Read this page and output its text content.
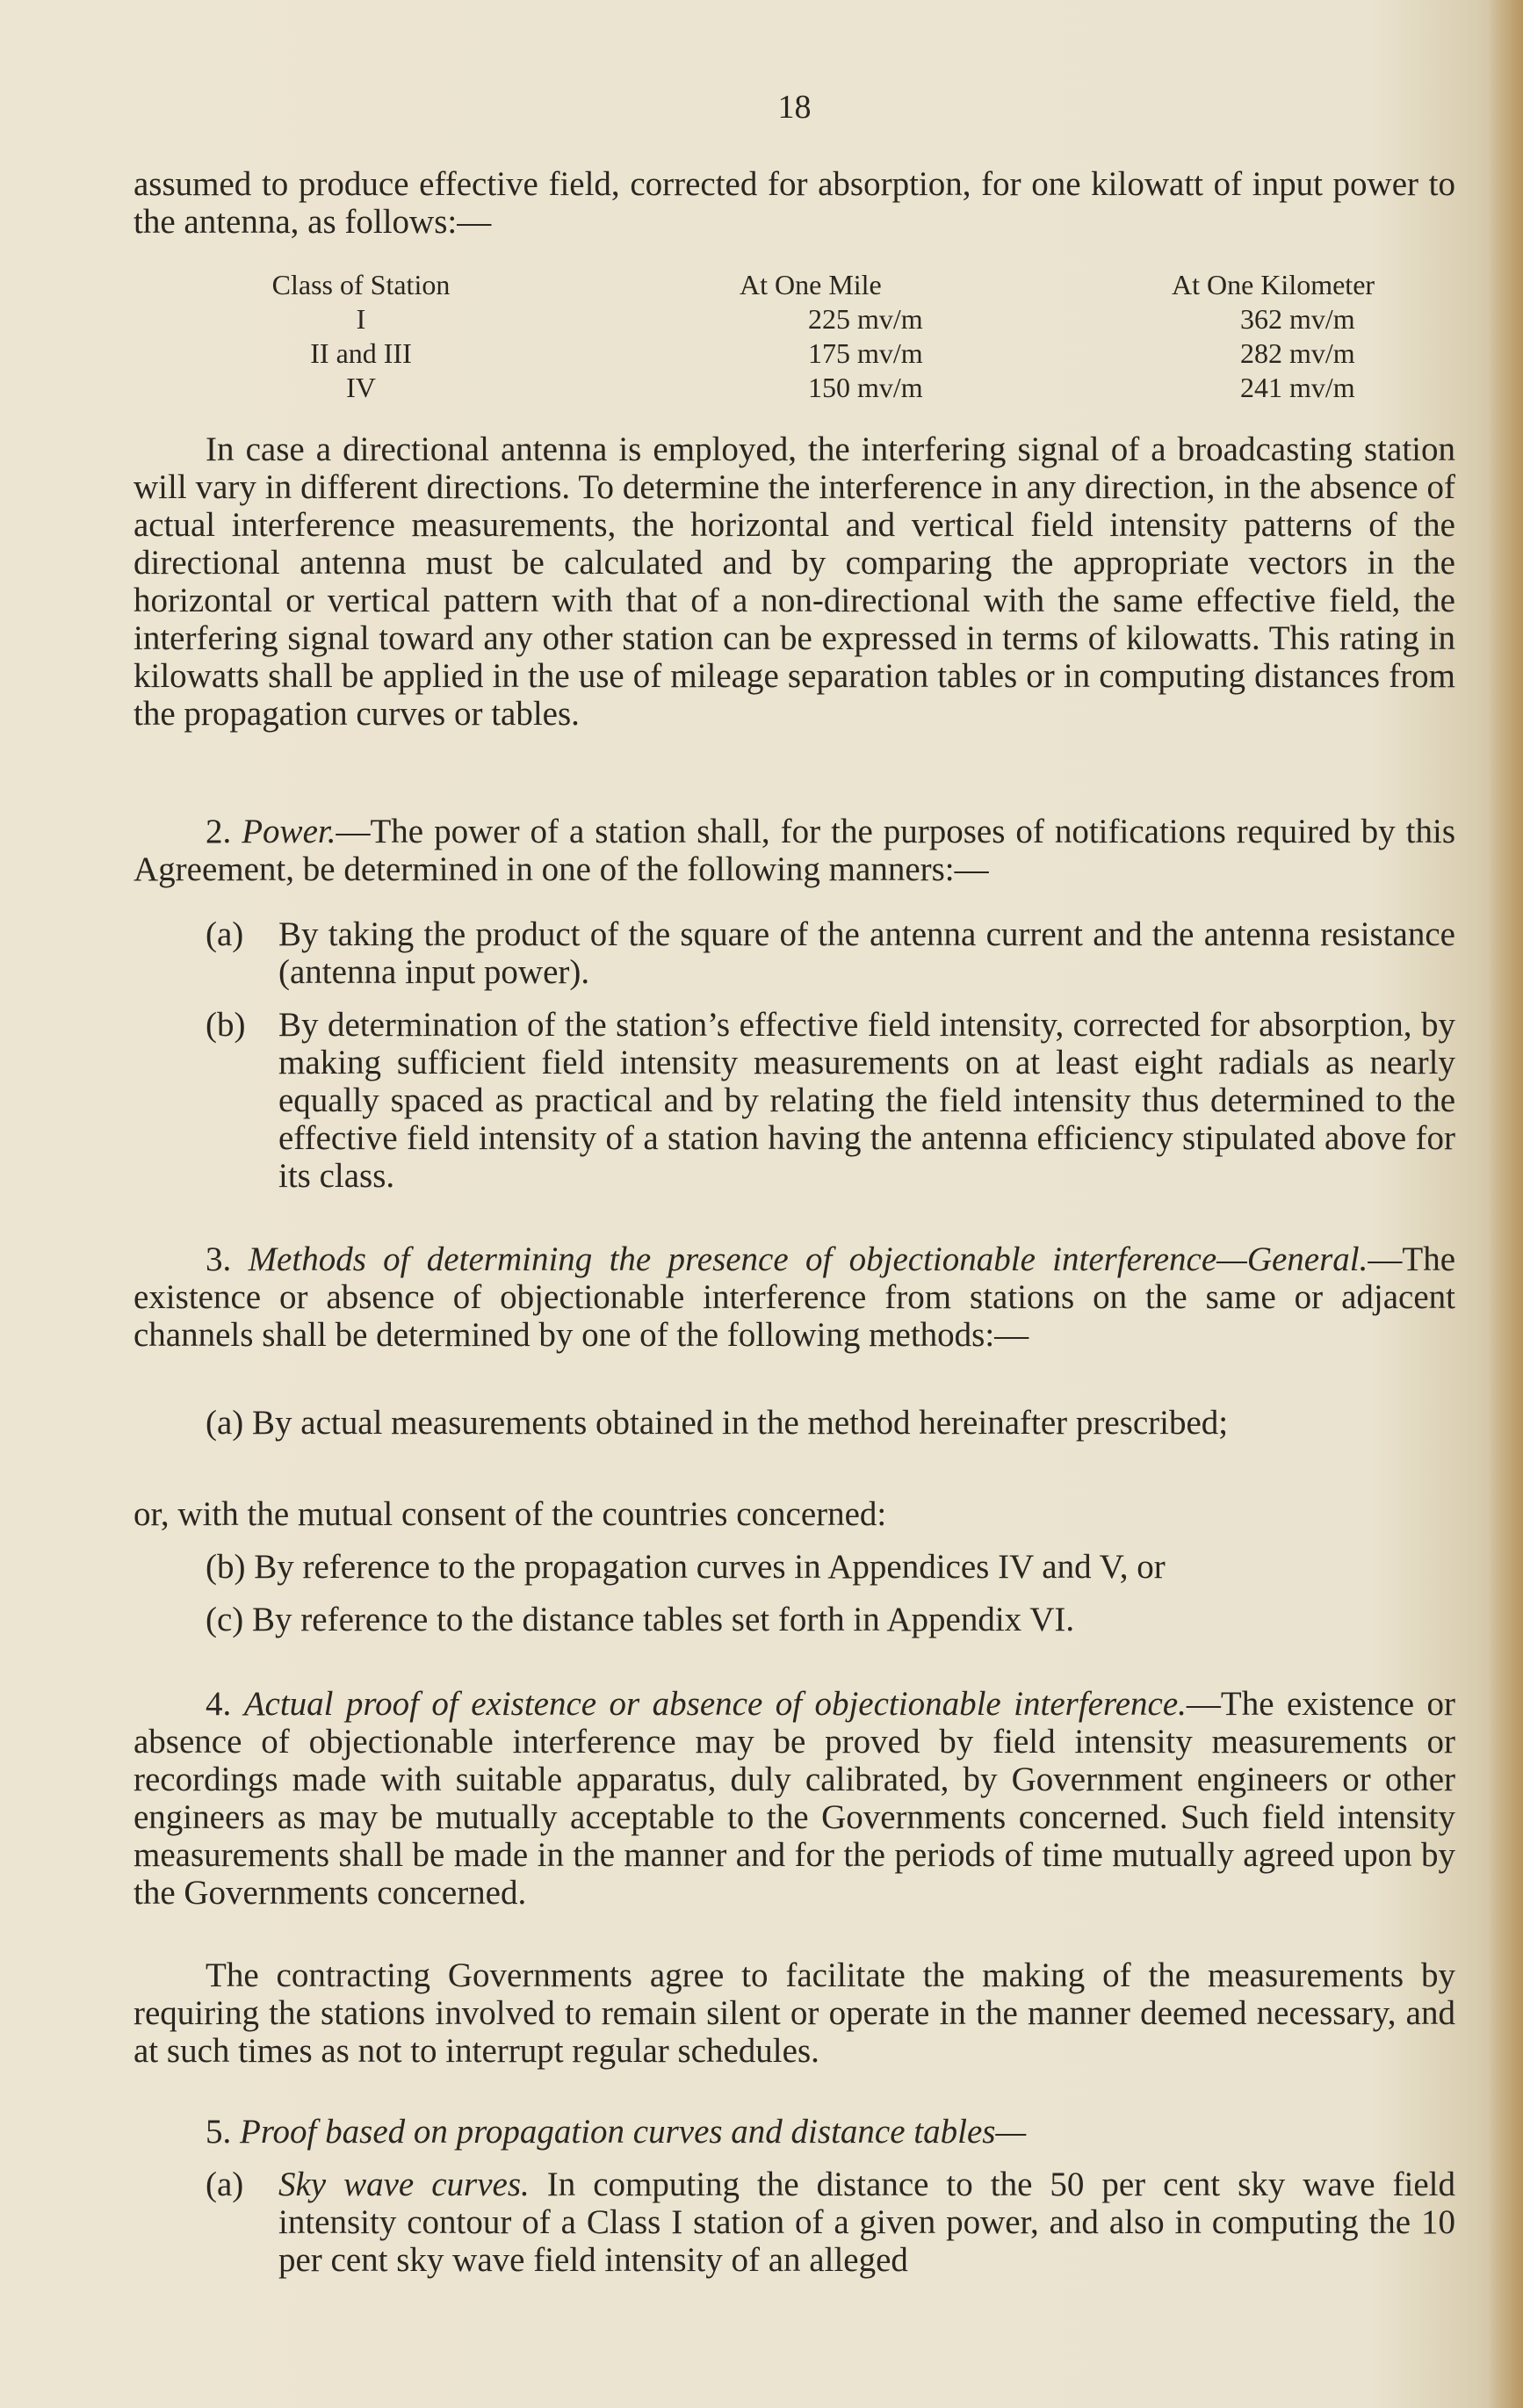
18

assumed to produce effective field, corrected for absorption, for one kilowatt of input power to the antenna, as follows:—

Class of Station	At One Mile	At One Kilometer
I	225 mv/m	362 mv/m
II and III	175 mv/m	282 mv/m
IV	150 mv/m	241 mv/m

In case a directional antenna is employed, the interfering signal of a broadcasting station will vary in different directions. To determine the interference in any direction, in the absence of actual interference measurements, the horizontal and vertical field intensity patterns of the directional antenna must be calculated and by comparing the appropriate vectors in the horizontal or vertical pattern with that of a non-directional with the same effective field, the interfering signal toward any other station can be expressed in terms of kilowatts. This rating in kilowatts shall be applied in the use of mileage separation tables or in computing distances from the propagation curves or tables.

2. Power.—The power of a station shall, for the purposes of notifications required by this Agreement, be determined in one of the following manners:—

(a) By taking the product of the square of the antenna current and the antenna resistance (antenna input power).

(b) By determination of the station’s effective field intensity, corrected for absorption, by making sufficient field intensity measurements on at least eight radials as nearly equally spaced as practical and by relating the field intensity thus determined to the effective field intensity of a station having the antenna efficiency stipulated above for its class.

3. Methods of determining the presence of objectionable interference—General.—The existence or absence of objectionable interference from stations on the same or adjacent channels shall be determined by one of the following methods:—

(a) By actual measurements obtained in the method hereinafter prescribed;

or, with the mutual consent of the countries concerned:

(b) By reference to the propagation curves in Appendices IV and V, or

(c) By reference to the distance tables set forth in Appendix VI.

4. Actual proof of existence or absence of objectionable interference.—The existence or absence of objectionable interference may be proved by field intensity measurements or recordings made with suitable apparatus, duly calibrated, by Government engineers or other engineers as may be mutually acceptable to the Governments concerned. Such field intensity measurements shall be made in the manner and for the periods of time mutually agreed upon by the Governments concerned.

The contracting Governments agree to facilitate the making of the measurements by requiring the stations involved to remain silent or operate in the manner deemed necessary, and at such times as not to interrupt regular schedules.

5. Proof based on propagation curves and distance tables—

(a) Sky wave curves. In computing the distance to the 50 per cent sky wave field intensity contour of a Class I station of a given power, and also in computing the 10 per cent sky wave field intensity of an alleged
